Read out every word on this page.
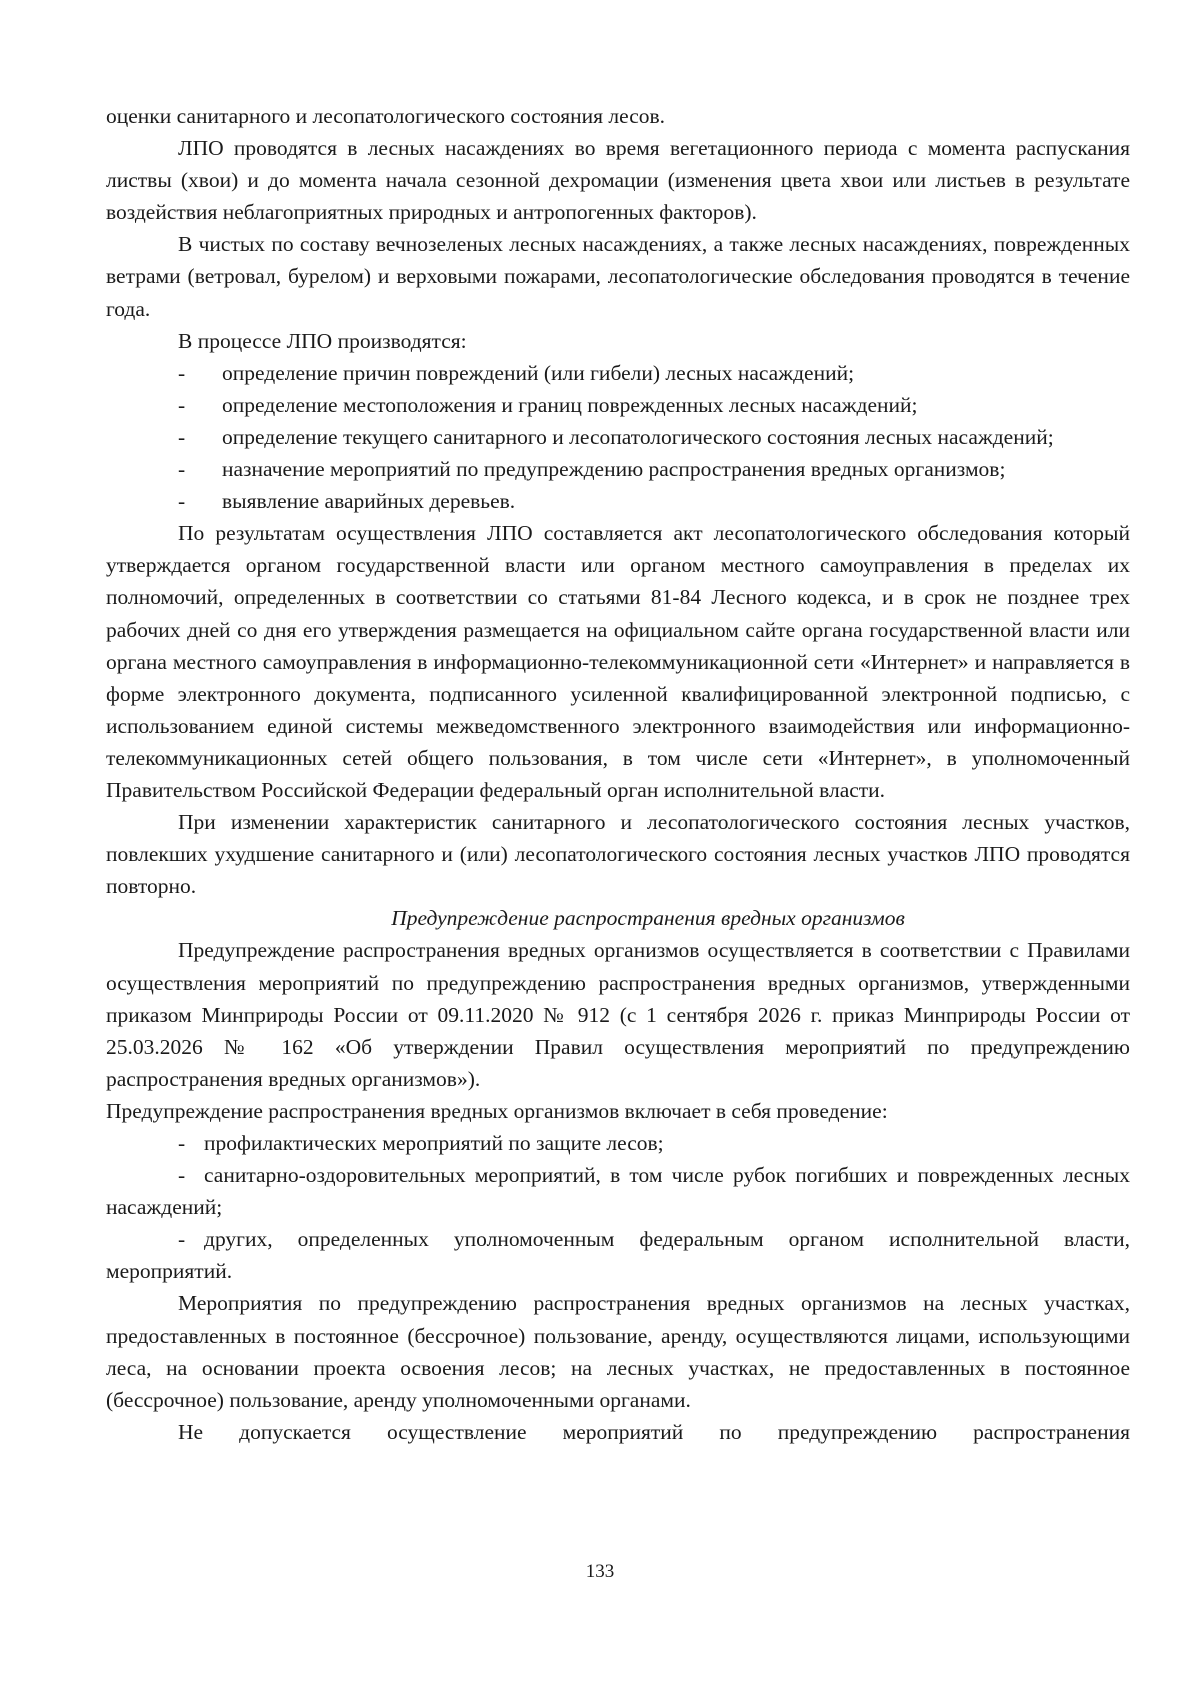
оценки санитарного и лесопатологического состояния лесов.

ЛПО проводятся в лесных насаждениях во время вегетационного периода с момента распускания листвы (хвои) и до момента начала сезонной дехромации (изменения цвета хвои или листьев в результате воздействия неблагоприятных природных и антропогенных факторов).

В чистых по составу вечнозеленых лесных насаждениях, а также лесных насаждениях, поврежденных ветрами (ветровал, бурелом) и верховыми пожарами, лесопатологические обследования проводятся в течение года.

В процессе ЛПО производятся:

- определение причин повреждений (или гибели) лесных насаждений;

- определение местоположения и границ поврежденных лесных насаждений;

- определение текущего санитарного и лесопатологического состояния лесных насаждений;

- назначение мероприятий по предупреждению распространения вредных организмов;

- выявление аварийных деревьев.

По результатам осуществления ЛПО составляется акт лесопатологического обследования который утверждается органом государственной власти или органом местного самоуправления в пределах их полномочий, определенных в соответствии со статьями 81-84 Лесного кодекса, и в срок не позднее трех рабочих дней со дня его утверждения размещается на официальном сайте органа государственной власти или органа местного самоуправления в информационно-телекоммуникационной сети «Интернет» и направляется в форме электронного документа, подписанного усиленной квалифицированной электронной подписью, с использованием единой системы межведомственного электронного взаимодействия или информационно-телекоммуникационных сетей общего пользования, в том числе сети «Интернет», в уполномоченный Правительством Российской Федерации федеральный орган исполнительной власти.

При изменении характеристик санитарного и лесопатологического состояния лесных участков, повлекших ухудшение санитарного и (или) лесопатологического состояния лесных участков ЛПО проводятся повторно.

Предупреждение распространения вредных организмов

Предупреждение распространения вредных организмов осуществляется в соответствии с Правилами осуществления мероприятий по предупреждению распространения вредных организмов, утвержденными приказом Минприроды России от 09.11.2020 № 912 (с 1 сентября 2026 г. приказ Минприроды России от 25.03.2026 № 162 «Об утверждении Правил осуществления мероприятий по предупреждению распространения вредных организмов»).

Предупреждение распространения вредных организмов включает в себя проведение:

- профилактических мероприятий по защите лесов;

- санитарно-оздоровительных мероприятий, в том числе рубок погибших и поврежденных лесных насаждений;

- других, определенных уполномоченным федеральным органом исполнительной власти, мероприятий.

Мероприятия по предупреждению распространения вредных организмов на лесных участках, предоставленных в постоянное (бессрочное) пользование, аренду, осуществляются лицами, использующими леса, на основании проекта освоения лесов; на лесных участках, не предоставленных в постоянное (бессрочное) пользование, аренду уполномоченными органами.

Не допускается осуществление мероприятий по предупреждению распространения

133
